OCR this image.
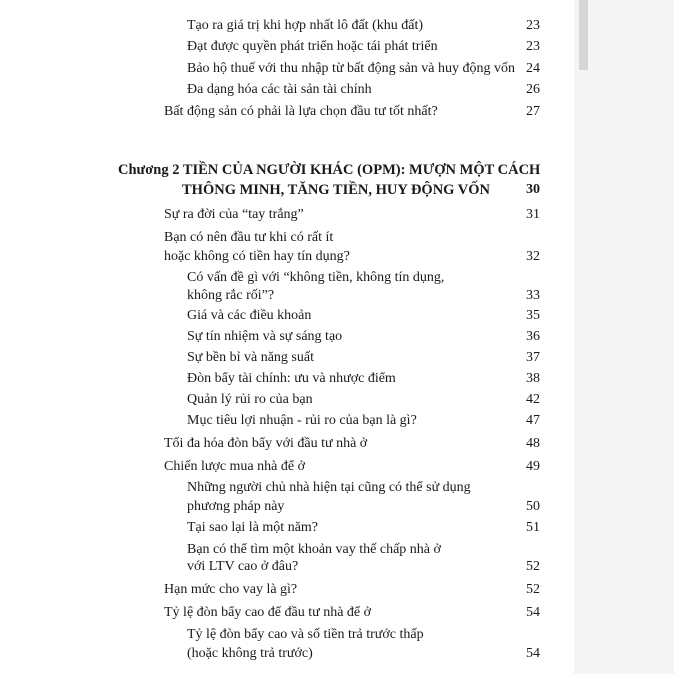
Tạo ra giá trị khi hợp nhất lô đất (khu đất)	23
Đạt được quyền phát triển hoặc tái phát triển	23
Bảo hộ thuế với thu nhập từ bất động sản và huy động vốn 24
Đa dạng hóa các tài sản tài chính	26
Bất động sản có phải là lựa chọn đầu tư tốt nhất?	27
Chương 2 TIỀN CỦA NGƯỜI KHÁC (OPM): MƯỢN MỘT CÁCH
THÔNG MINH, TĂNG TIỀN, HUY ĐỘNG VỐN	30
Sự ra đời của “tay trắng”	31
Bạn có nên đầu tư khi có rất ít
hoặc không có tiền hay tín dụng?	32
Có vấn đề gì với “không tiền, không tín dụng,
không rắc rối”?	33
Giá và các điều khoản	35
Sự tín nhiệm và sự sáng tạo	36
Sự bền bỉ và năng suất	37
Đòn bẩy tài chính: ưu và nhược điểm	38
Quản lý rủi ro của bạn	42
Mục tiêu lợi nhuận - rủi ro của bạn là gì?	47
Tối đa hóa đòn bẩy với đầu tư nhà ở	48
Chiến lược mua nhà để ở	49
Những người chủ nhà hiện tại cũng có thể sử dụng
phương pháp này	50
Tại sao lại là một năm?	51
Bạn có thể tìm một khoản vay thế chấp nhà ở
với LTV cao ở đâu?	52
Hạn mức cho vay là gì?	52
Tỷ lệ đòn bẩy cao để đầu tư nhà để ở	54
Tỷ lệ đòn bẩy cao và số tiền trả trước thấp
(hoặc không trả trước)	54
